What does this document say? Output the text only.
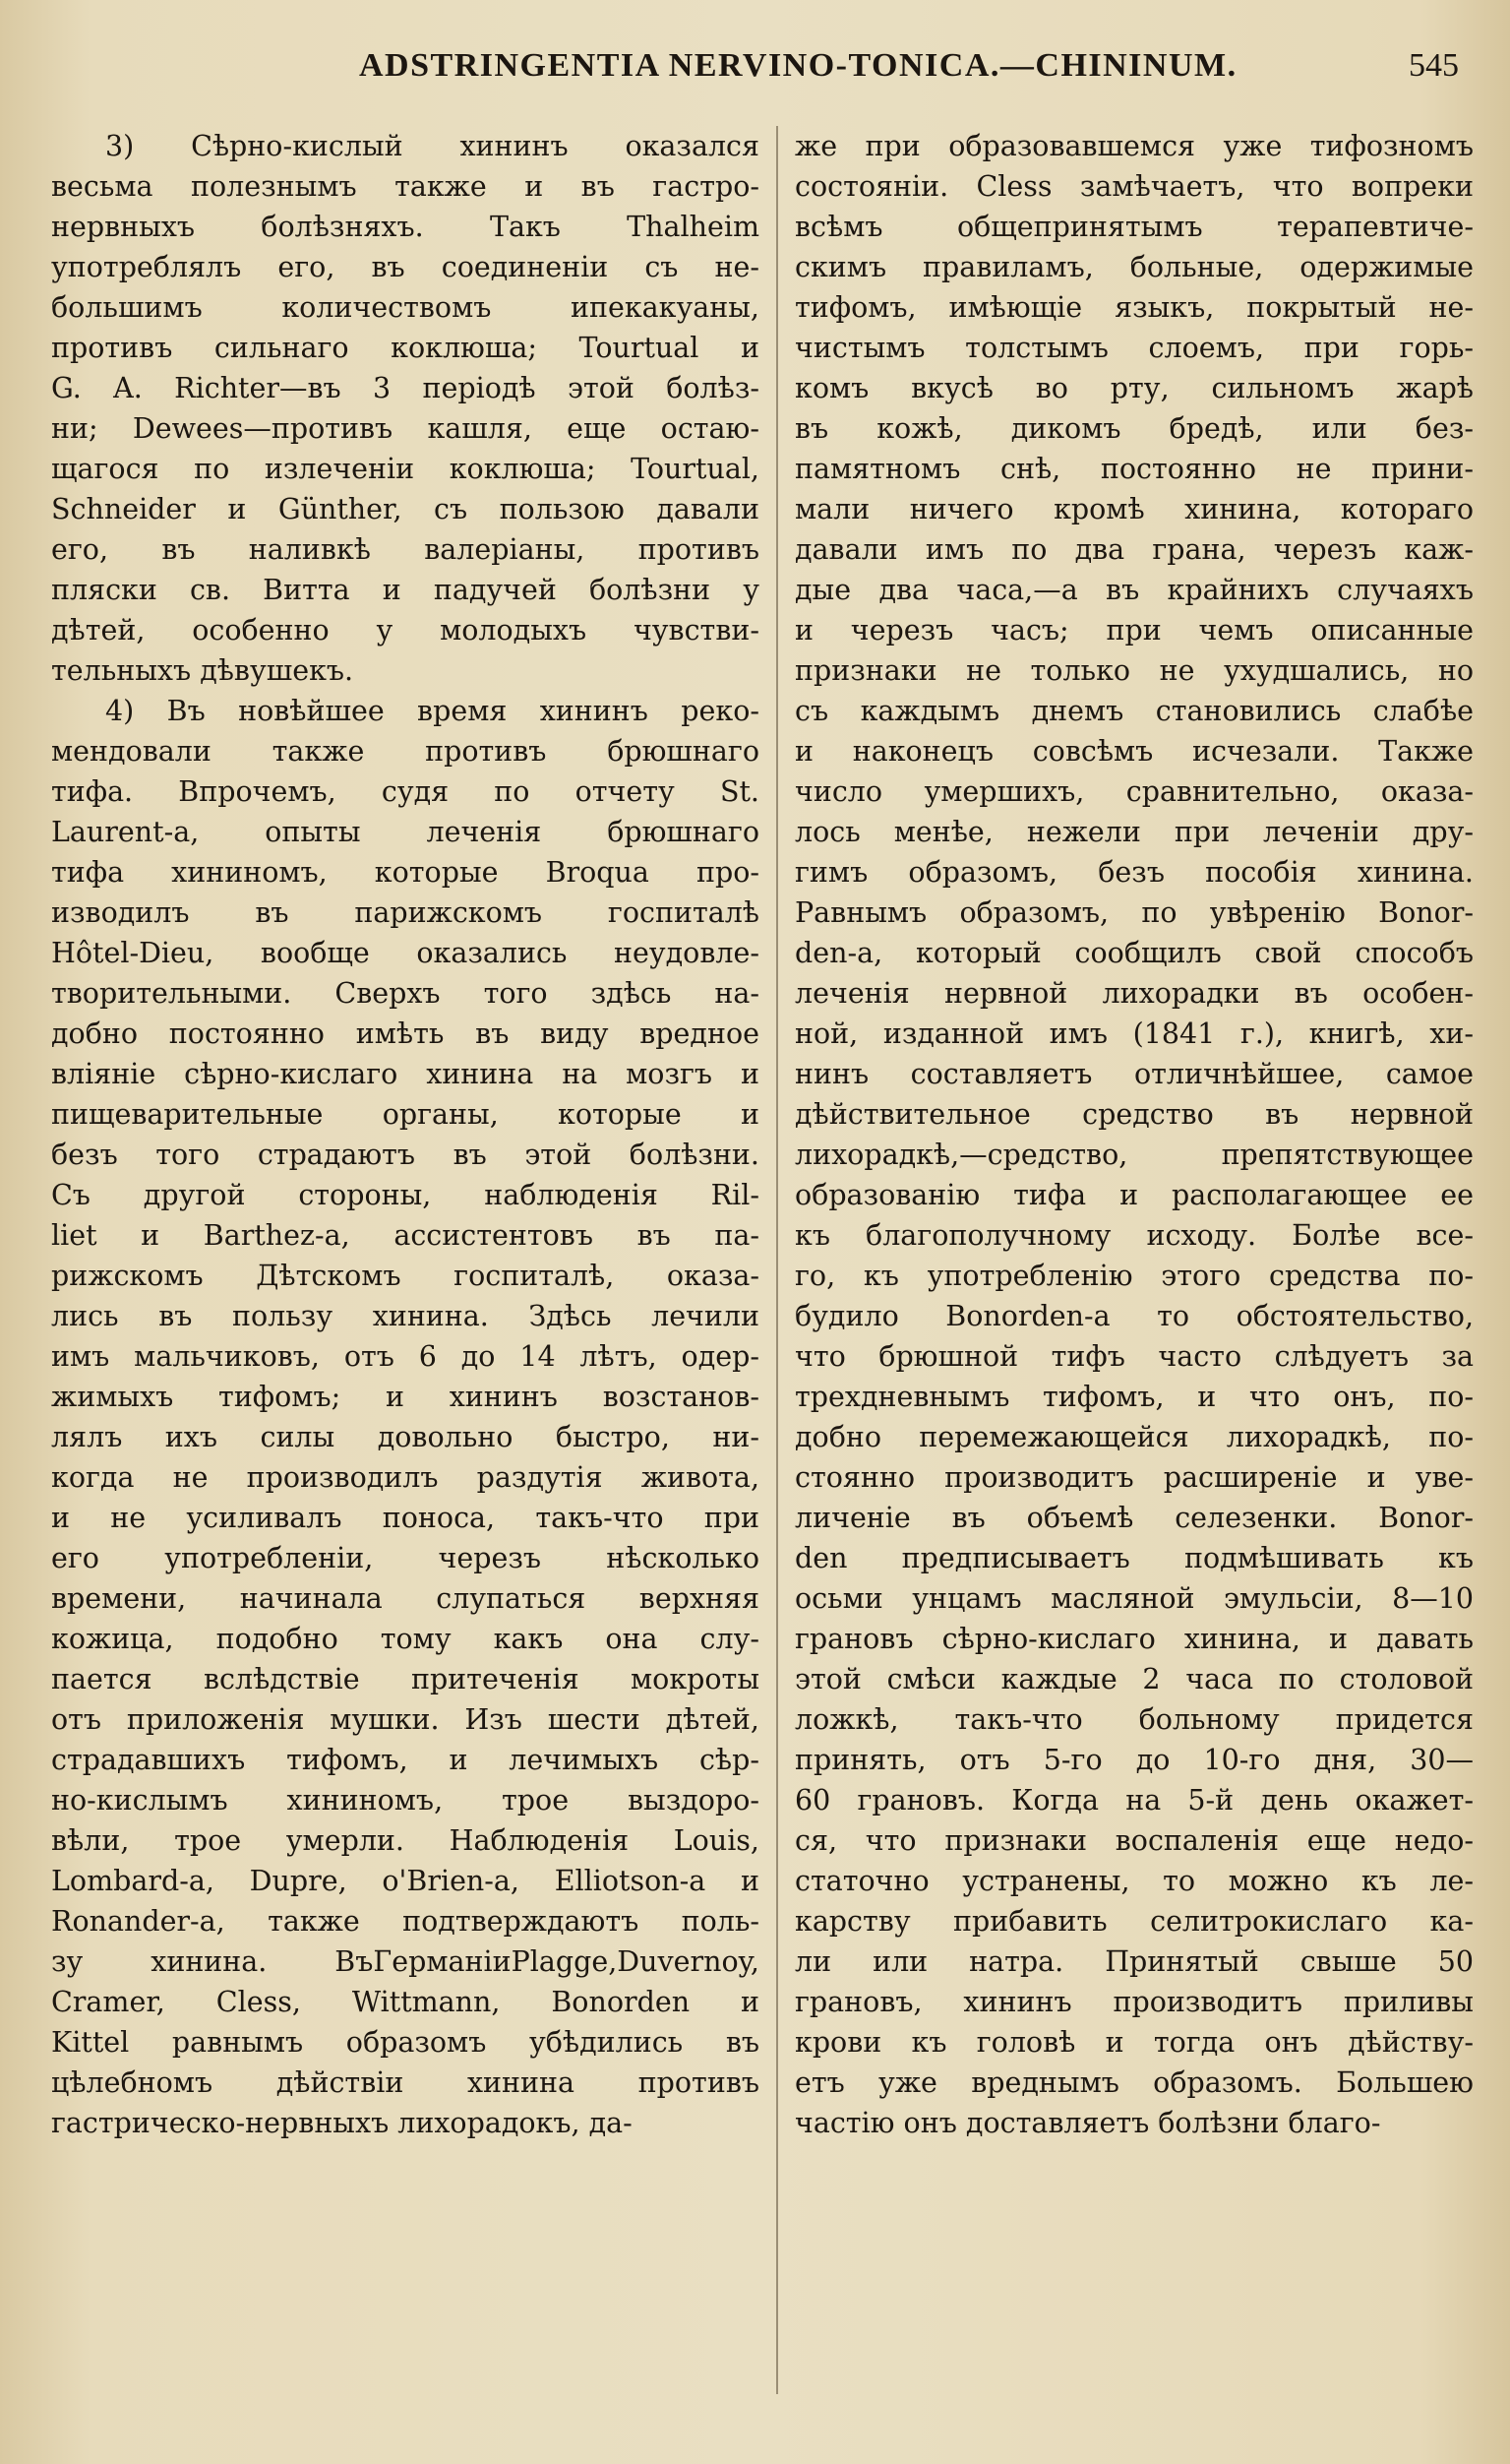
ADSTRINGENTIA NERVINO-TONICA.—CHININUM.	545
3) Сѣрно-кислый хининъ оказался
весьма полезнымъ также и въ гастро-
нервныхъ болѣзняхъ. Такъ Thalheim
употреблялъ его, въ соединенiи съ не-
большимъ количествомъ ипекакуаны,
противъ сильнаго коклюша; Tourtual и
G. A. Richter—въ 3 перiодѣ этой болѣз-
ни; Dewees—противъ кашля, еще остаю-
щагося по излеченiи коклюша; Tourtual,
Schneider и Günther, съ пользою давали
его, въ наливкѣ валерiаны, противъ
пляски св. Витта и падучей болѣзни у
дѣтей, особенно у молодыхъ чувстви-
тельныхъ дѣвушекъ.
4) Въ новѣйшее время хининъ реко-
мендовали также противъ брюшнаго
тифа. Впрочемъ, судя по отчету St.
Laurent-а, опыты леченiя брюшнаго
тифа хининомъ, которые Broqua про-
изводилъ въ парижскомъ госпиталѣ
Hôtel-Dieu, вообще оказались неудовле-
творительными. Сверхъ того здѣсь на-
добно постоянно имѣть въ виду вредное
влiянiе сѣрно-кислаго хинина на мозгъ и
пищеварительные органы, которые и
безъ того страдаютъ въ этой болѣзни.
Съ другой стороны, наблюденiя Ril-
liet и Barthez-а, ассистентовъ въ па-
рижскомъ Дѣтскомъ госпиталѣ, оказа-
лись въ пользу хинина. Здѣсь лечили
имъ мальчиковъ, отъ 6 до 14 лѣтъ, одер-
жимыхъ тифомъ; и хининъ возстанов-
лялъ ихъ силы довольно быстро, ни-
когда не производилъ раздутiя живота,
и не усиливалъ поноса, такъ-что при
его употребленiи, черезъ нѣсколько
времени, начинала слупаться верхняя
кожица, подобно тому какъ она слу-
пается вслѣдствiе притеченiя мокроты
отъ приложенiя мушки. Изъ шести дѣтей,
страдавшихъ тифомъ, и лечимыхъ сѣр-
но-кислымъ хининомъ, трое выздоро-
вѣли, трое умерли. Наблюденiя Louis,
Lombard-а, Dupre, o'Brien-а, Elliotson-а и
Ronander-а, также подтверждаютъ поль-
зу хинина. ВъГерманiиPlagge,Duvernoy,
Cramer, Cless, Wittmann, Bonorden и
Kittel равнымъ образомъ убѣдились въ
цѣлебномъ дѣйствiи хинина противъ
гастрическо-нервныхъ лихорадокъ, да-
же при образовавшемся уже тифозномъ
состоянiи. Cless замѣчаетъ, что вопреки
всѣмъ общепринятымъ терапевтиче-
скимъ правиламъ, больные, одержимые
тифомъ, имѣющiе языкъ, покрытый не-
чистымъ толстымъ слоемъ, при горь-
комъ вкусѣ во рту, сильномъ жарѣ
въ кожѣ, дикомъ бредѣ, или без-
памятномъ снѣ, постоянно не прини-
мали ничего кромѣ хинина, котораго
давали имъ по два грана, черезъ каж-
дые два часа,—а въ крайнихъ случаяхъ
и черезъ часъ; при чемъ описанные
признаки не только не ухудшались, но
съ каждымъ днемъ становились слабѣе
и наконецъ совсѣмъ исчезали. Также
число умершихъ, сравнительно, оказа-
лось менѣе, нежели при леченiи дру-
гимъ образомъ, безъ пособiя хинина.
Равнымъ образомъ, по увѣренiю Bonor-
den-а, который сообщилъ свой способъ
леченiя нервной лихорадки въ особен-
ной, изданной имъ (1841 г.), книгѣ, хи-
нинъ составляетъ отличнѣйшее, самое
дѣйствительное средство въ нервной
лихорадкѣ,—средство, препятствующее
образованiю тифа и располагающее ее
къ благополучному исходу. Болѣе все-
го, къ употребленiю этого средства по-
будило Bonorden-а то обстоятельство,
что брюшной тифъ часто слѣдуетъ за
трехдневнымъ тифомъ, и что онъ, по-
добно перемежающейся лихорадкѣ, по-
стоянно производитъ расширенiе и уве-
личенiе въ объемѣ селезенки. Bonor-
den предписываетъ подмѣшивать къ
осьми унцамъ масляной эмульсiи, 8—10
грановъ сѣрно-кислаго хинина, и давать
этой смѣси каждые 2 часа по столовой
ложкѣ, такъ-что больному придется
принять, отъ 5-го до 10-го дня, 30—
60 грановъ. Когда на 5-й день окажет-
ся, что признаки воспаленiя еще недо-
статочно устранены, то можно къ ле-
карству прибавить селитрокислаго ка-
ли или натра. Принятый свыше 50
грановъ, хининъ производитъ приливы
крови къ головѣ и тогда онъ дѣйству-
етъ уже вреднымъ образомъ. Большею
частiю онъ доставляетъ болѣзни благо-
